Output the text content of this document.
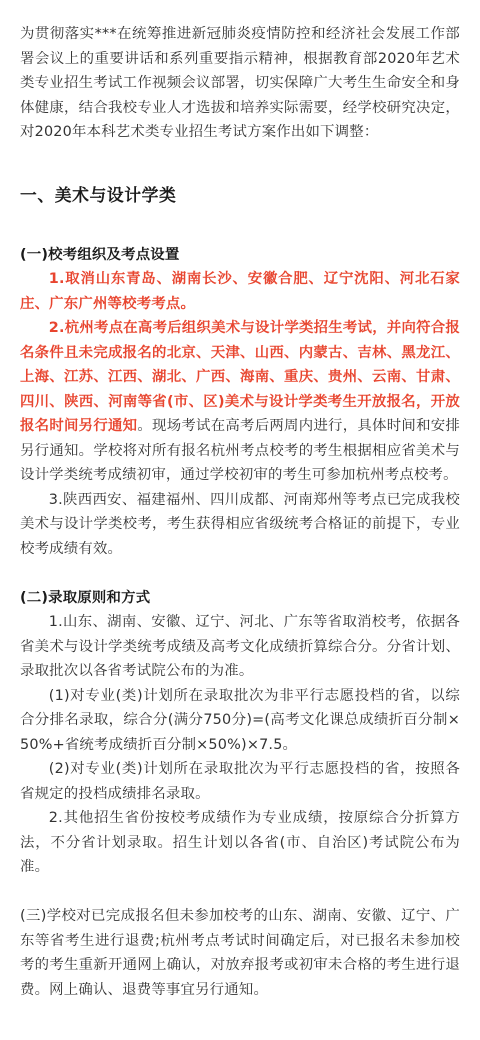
为贯彻落实***在统筹推进新冠肺炎疫情防控和经济社会发展工作部署会议上的重要讲话和系列重要指示精神，根据教育部2020年艺术类专业招生考试工作视频会议部署，切实保障广大考生生命安全和身体健康，结合我校专业人才选拔和培养实际需要，经学校研究决定，对2020年本科艺术类专业招生考试方案作出如下调整：

一、美术与设计学类

(一)校考组织及考点设置

1.取消山东青岛、湖南长沙、安徽合肥、辽宁沈阳、河北石家庄、广东广州等校考考点。

2.杭州考点在高考后组织美术与设计学类招生考试，并向符合报名条件且未完成报名的北京、天津、山西、内蒙古、吉林、黑龙江、上海、江苏、江西、湖北、广西、海南、重庆、贵州、云南、甘肃、四川、陕西、河南等省(市、区)美术与设计学类考生开放报名，开放报名时间另行通知。现场考试在高考后两周内进行，具体时间和安排另行通知。学校将对所有报名杭州考点校考的考生根据相应省美术与设计学类统考成绩初审，通过学校初审的考生可参加杭州考点校考。

3.陕西西安、福建福州、四川成都、河南郑州等考点已完成我校美术与设计学类校考，考生获得相应省级统考合格证的前提下，专业校考成绩有效。

(二)录取原则和方式

1.山东、湖南、安徽、辽宁、河北、广东等省取消校考，依据各省美术与设计学类统考成绩及高考文化成绩折算综合分。分省计划、录取批次以各省考试院公布的为准。

(1)对专业(类)计划所在录取批次为非平行志愿投档的省，以综合分排名录取，综合分(满分750分)=(高考文化课总成绩折百分制×50%+省统考成绩折百分制×50%)×7.5。

(2)对专业(类)计划所在录取批次为平行志愿投档的省，按照各省规定的投档成绩排名录取。

2.其他招生省份按校考成绩作为专业成绩，按原综合分折算方法，不分省计划录取。招生计划以各省(市、自治区)考试院公布为准。

(三)学校对已完成报名但未参加校考的山东、湖南、安徽、辽宁、广东等省考生进行退费;杭州考点考试时间确定后，对已报名未参加校考的考生重新开通网上确认，对放弃报考或初审未合格的考生进行退费。网上确认、退费等事宜另行通知。
